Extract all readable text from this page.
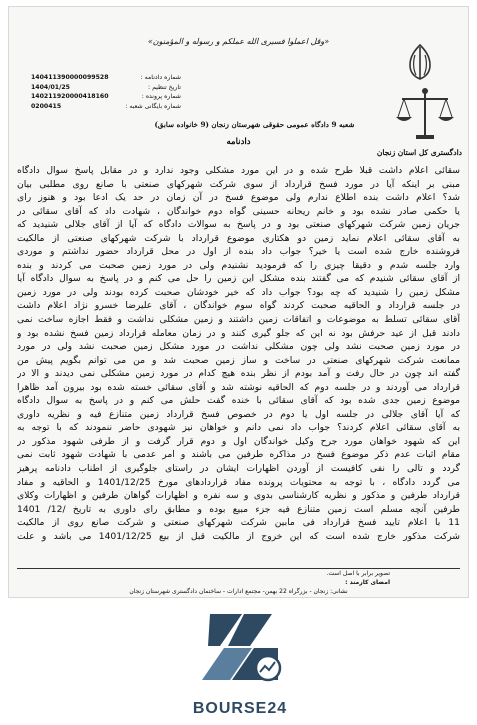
«وقل اعملوا فسیری الله عملکم و رسوله و المؤمنون»
شماره دادنامه :
140411390000099528
تاریخ تنظیم :
1404/01/25
شماره پرونده :
140211920000418160
شماره بایگانی شعبه :
0200415
شعبه 9 دادگاه عمومی حقوقی شهرستان زنجان (9 خانواده سابق)
دادنامه
دادگستری کل استان زنجان
سقائی اعلام داشت قبلا طرح شده و در این مورد مشکلی وجود ندارد و در مقابل پاسخ سوال دادگاه
مبنی بر اینکه آیا در مورد فسخ قرارداد از سوی شرکت شهرکهای صنعتی با صانع روی مطلبی بیان
شد؟ اعلام داشت بنده اطلاع ندارم ولی موضوع فسخ در آن زمان در حد یک ادعا بود و هنوز رای
یا حکمی صادر نشده بود و خانم ریحانه حسینی گواه دوم خواندگان ، شهادت داد که آقای سقائی در
جریان زمین شرکت شهرکهای صنعتی بود و در پاسخ به سوالات دادگاه که آیا از آقای جلالی شنیدید که
به آقای سقائی اعلام نماید زمین دو هکتاری موضوع قرارداد با شرکت شهرکهای صنعتی از مالکیت
فروشنده خارج شده است یا خیر؟ جواب داد بنده از اول در محل قرارداد حضور نداشتم و موردی
وارد جلسه شدم و دقیقا چیزی را که فرمودید نشنیدم ولی در مورد زمین صحبت می کردند و بنده
از آقای سقائی شنیدم که می گفتند بنده مشکل این زمین را حل می کنم و در پاسخ به سوال دادگاه آیا
مشکل زمین را شنیدید که چه بود؟ جواب داد که خیر خودشان صحبت کرده بودند ولی در مورد زمین
در جلسه قرارداد و الحاقیه صحبت کردند گواه سوم خواندگان ، آقای علیرضا خسرو نژاد اعلام داشت
آقای سقائی تسلط به موضوعات و اتفاقات زمین داشتند و زمین مشکلی نداشت و فقط اجازه ساخت نمی
دادند قبل از عید حرفش بود نه این که جلو گیری کنند و در زمان معامله قرارداد زمین فسخ نشده بود و
در مورد زمین صحبت نشد ولی چون مشکلی نداشت در مورد مشکل زمین صحبت نشد ولی در مورد
ممانعت شرکت شهرکهای صنعتی در ساخت و ساز زمین صحبت شد و من می توانم بگویم پیش من
گفته اند چون در حال رفت و آمد بودم از نظر بنده هیچ کدام در مورد زمین مشکلی نمی دیدند و الا در
قرارداد می آوردند و در جلسه دوم که الحاقیه نوشته شد و آقای سقائی خسته شده بود بیرون آمد ظاهرا
موضوع زمین جدی شده بود که آقای سقائی با خنده گفت حلش می کنم و در پاسخ به سوال دادگاه
که آیا آقای جلالی در جلسه اول یا دوم در خصوص فسخ قرارداد زمین متنازع فیه و نظریه داوری
به آقای سقائی اعلام کردند؟ جواب داد نمی دانم و خواهان نیز شهودی حاضر ننمودند که با توجه به
این که شهود خواهان مورد جرح وکیل خواندگان اول و دوم قرار گرفت و از طرفی شهود مذکور در
مقام اثبات عدم ذکر موضوع فسخ در مذاکره طرفین می باشند و امر عدمی با شهادت شهود ثابت نمی
گردد و تالی را نفی کافیست از آوردن اظهارات ایشان در راستای جلوگیری از اطناب دادنامه پرهیز
می گردد دادگاه ، با توجه به محتویات پرونده مفاد قراردادهای مورخ 1401/12/25 و الحاقیه و مفاد
قرارداد طرفین و مذکور و نظریه کارشناسی بدوی و سه نفره و اظهارات گواهان طرفین و اظهارات وکلای
طرفین آنچه مسلم است زمین متنازع فیه جزء مبیع بوده و مطابق رای داوری به تاریخ /12/ 1401
11 با اعلام تایید فسخ قرارداد فی مابین شرکت شهرکهای صنعتی و شرکت صانع روی از مالکیت
شرکت مذکور خارج شده است که این خروج از مالکیت قبل از بیع 1401/12/25 می باشد و علت
تصویر برابر با اصل است.
امضای کارمند :
نشانی: زنجان - بزرگراه 22 بهمن- مجتمع ادارات - ساختمان دادگستری شهرستان زنجان
BOURSE24
